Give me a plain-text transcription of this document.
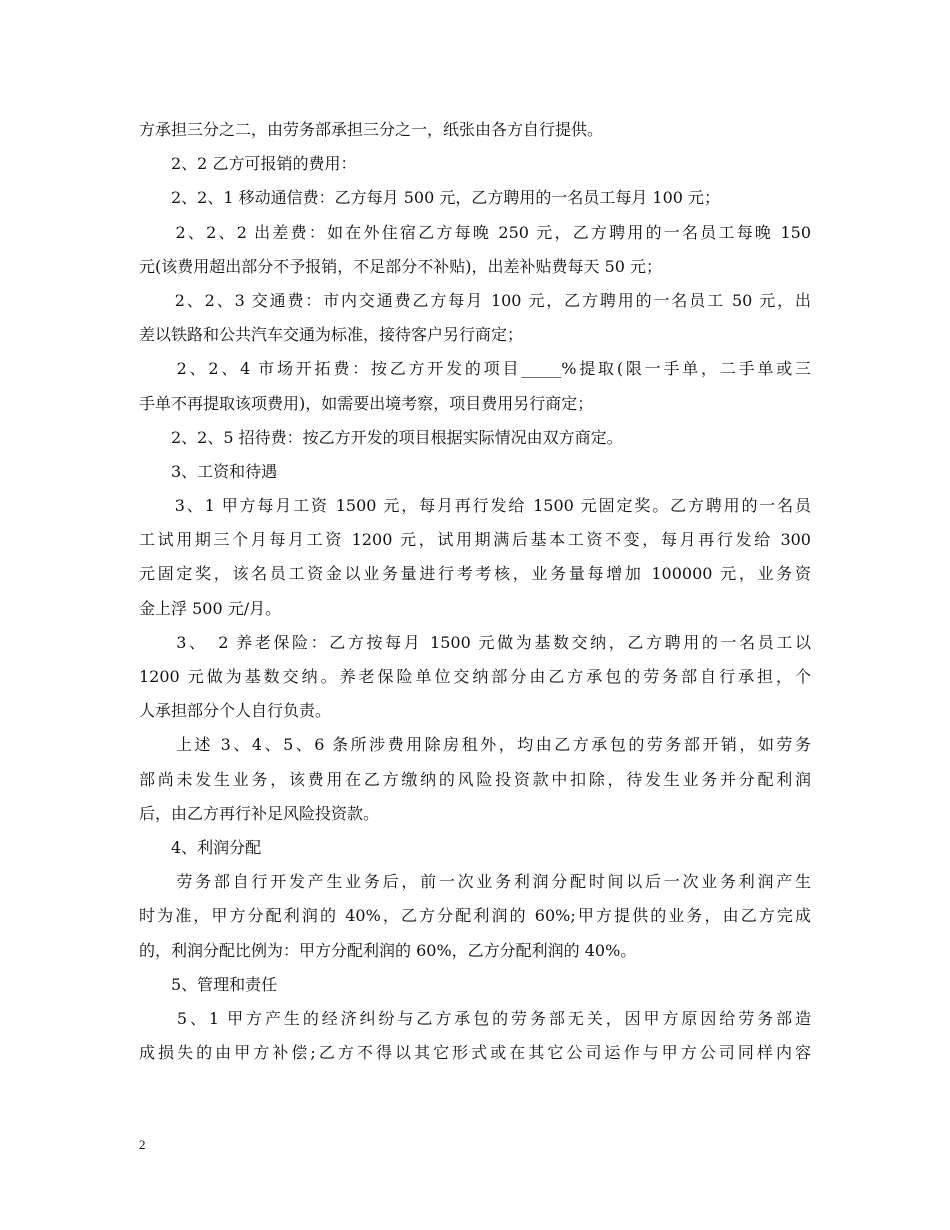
方承担三分之二，由劳务部承担三分之一，纸张由各方自行提供。
　　2、2 乙方可报销的费用：
　　2、2、1 移动通信费：乙方每月 500 元，乙方聘用的一名员工每月 100 元；
　　2、2、2 出差费：如在外住宿乙方每晚 250 元，乙方聘用的一名员工每晚 150
元(该费用超出部分不予报销，不足部分不补贴)，出差补贴费每天 50 元；
　　2、2、3 交通费：市内交通费乙方每月 100 元，乙方聘用的一名员工 50 元，出
差以铁路和公共汽车交通为标准，接待客户另行商定；
　　2、2、4 市场开拓费：按乙方开发的项目_____%提取(限一手单，二手单或三
手单不再提取该项费用)，如需要出境考察，项目费用另行商定；
　　2、2、5 招待费：按乙方开发的项目根据实际情况由双方商定。
　　3、工资和待遇
　　3、1 甲方每月工资 1500 元，每月再行发给 1500 元固定奖。乙方聘用的一名员
工试用期三个月每月工资 1200 元，试用期满后基本工资不变，每月再行发给 300
元固定奖，该名员工资金以业务量进行考考核，业务量每增加 100000 元，业务资
金上浮 500 元/月。
　　3、　2 养老保险：乙方按每月 1500 元做为基数交纳，乙方聘用的一名员工以
1200 元做为基数交纳。养老保险单位交纳部分由乙方承包的劳务部自行承担，个
人承担部分个人自行负责。
　　上述 3、4、5、6 条所涉费用除房租外，均由乙方承包的劳务部开销，如劳务
部尚未发生业务，该费用在乙方缴纳的风险投资款中扣除，待发生业务并分配利润
后，由乙方再行补足风险投资款。
　　4、利润分配
　　劳务部自行开发产生业务后，前一次业务利润分配时间以后一次业务利润产生
时为准，甲方分配利润的 40%，乙方分配利润的 60%;甲方提供的业务，由乙方完成
的，利润分配比例为：甲方分配利润的 60%，乙方分配利润的 40%。
　　5、管理和责任
　　5、1 甲方产生的经济纠纷与乙方承包的劳务部无关，因甲方原因给劳务部造
成损失的由甲方补偿;乙方不得以其它形式或在其它公司运作与甲方公司同样内容
2
